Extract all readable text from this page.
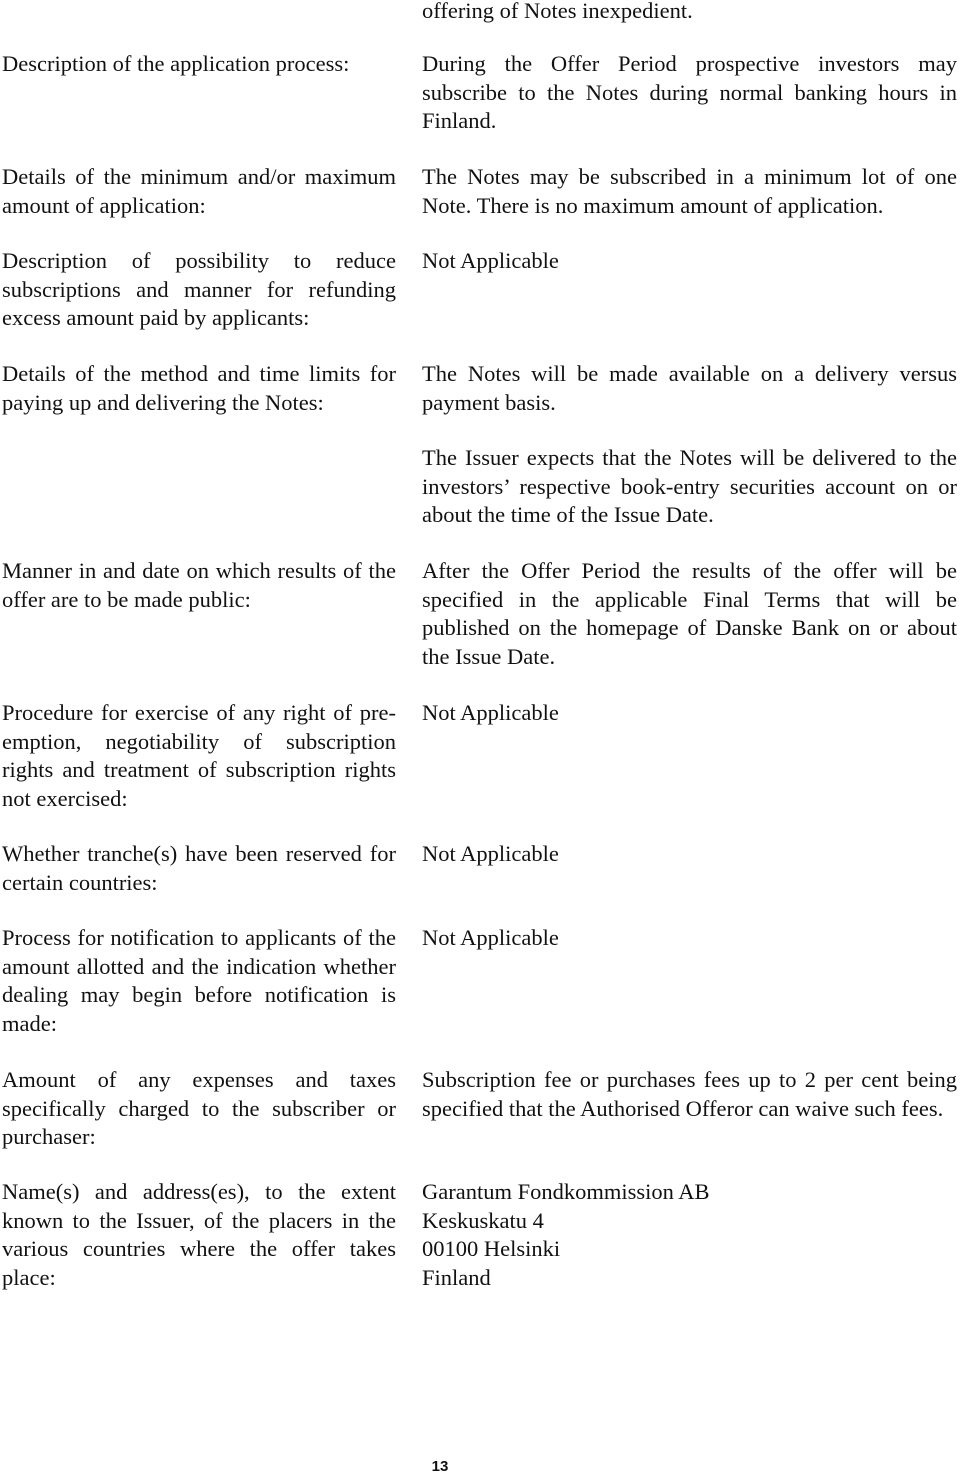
offering of Notes inexpedient.

Description of the application process:	During the Offer Period prospective investors may subscribe to the Notes during normal banking hours in Finland.

Details of the minimum and/or maximum amount of application:

The Notes may be subscribed in a minimum lot of one Note. There is no maximum amount of application.

Description of possibility to reduce subscriptions and manner for refunding excess amount paid by applicants:

Not Applicable

Details of the method and time limits for paying up and delivering the Notes:

The Notes will be made available on a delivery versus payment basis.

The Issuer expects that the Notes will be delivered to the investors’ respective book-entry securities account on or about the time of the Issue Date.

Manner in and date on which results of the offer are to be made public:

After the Offer Period the results of the offer will be specified in the applicable Final Terms that will be published on the homepage of Danske Bank on or about the Issue Date.

Procedure for exercise of any right of pre-emption, negotiability of subscription rights and treatment of subscription rights not exercised:

Not Applicable

Whether tranche(s) have been reserved for certain countries:

Not Applicable

Process for notification to applicants of the amount allotted and the indication whether dealing may begin before notification is made:

Not Applicable

Amount of any expenses and taxes specifically charged to the subscriber or purchaser:

Subscription fee or purchases fees up to 2 per cent being specified that the Authorised Offeror can waive such fees.

Name(s) and address(es), to the extent known to the Issuer, of the placers in the various countries where the offer takes place:

Garantum Fondkommission AB
Keskuskatu 4
00100 Helsinki
Finland
13
